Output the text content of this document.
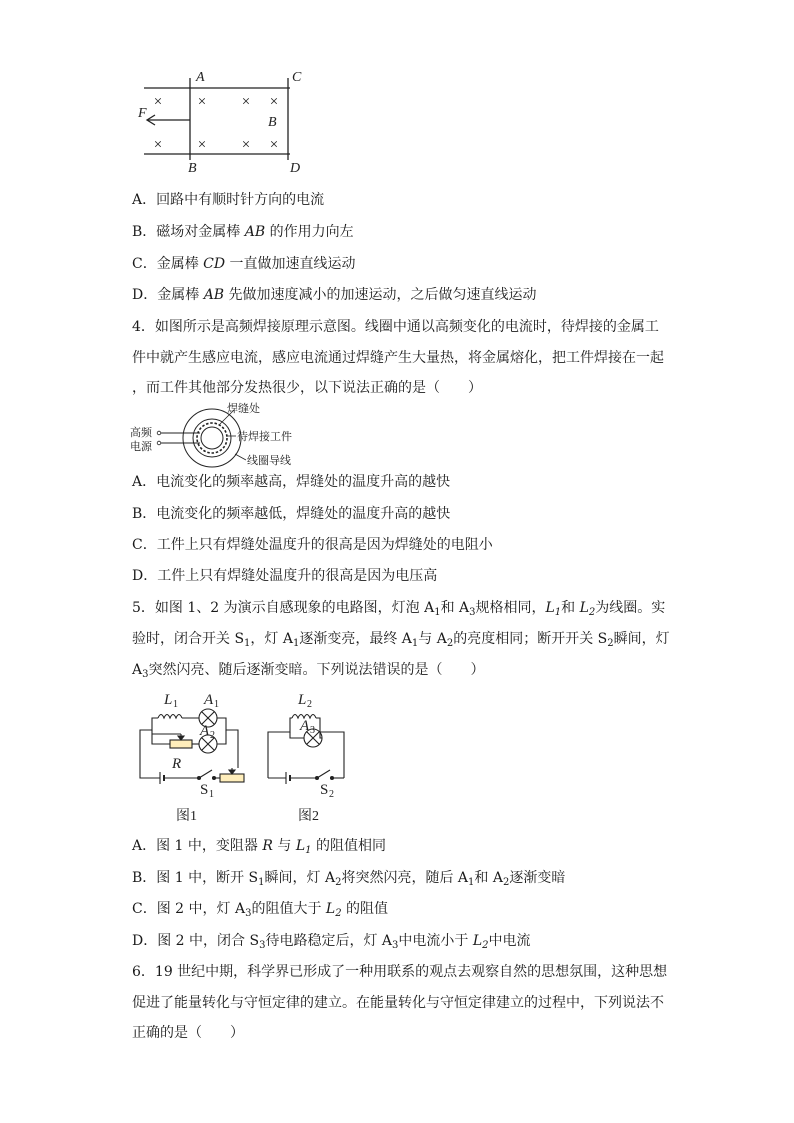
× × × ×
× × × ×
A	C
B
F
B	D
A．回路中有顺时针方向的电流
B．磁场对金属棒 AB 的作用力向左
C．金属棒 CD 一直做加速直线运动
D．金属棒 AB 先做加速度减小的加速运动，之后做匀速直线运动
4．如图所示是高频焊接原理示意图。线圈中通以高频变化的电流时，待焊接的金属工
件中就产生感应电流，感应电流通过焊缝产生大量热，将金属熔化，把工件焊接在一起
，而工件其他部分发热很少，以下说法正确的是（　　）
高频
电源
焊缝处
待焊接工件
线圈导线
A．电流变化的频率越高，焊缝处的温度升高的越快
B．电流变化的频率越低，焊缝处的温度升高的越快
C．工件上只有焊缝处温度升的很高是因为焊缝处的电阻小
D．工件上只有焊缝处温度升的很高是因为电压高
5．如图 1、2 为演示自感现象的电路图，灯泡 $A_1$和 $A_3$规格相同，$L_1$和 $L_2$为线圈。实
验时，闭合开关 $S_1$，灯 $A_1$逐渐变亮，最终 $A_1$与 $A_2$的亮度相同；断开开关 $S_2$瞬间，灯
$A_3$突然闪亮、随后逐渐变暗。下列说法错误的是（　　）
L 1 A 1
A 2
R
S 1
图1
L 2
A 3
S 2
图2
A．图 1 中，变阻器 R 与 $L_1$ 的阻值相同
B．图 1 中，断开 $S_1$瞬间，灯 $A_2$将突然闪亮，随后 $A_1$和 $A_2$逐渐变暗
C．图 2 中，灯 $A_3$的阻值大于 $L_2$ 的阻值
D．图 2 中，闭合 $S_3$待电路稳定后，灯 $A_3$中电流小于 $L_2$中电流
6．19 世纪中期，科学界已形成了一种用联系的观点去观察自然的思想氛围，这种思想
促进了能量转化与守恒定律的建立。在能量转化与守恒定律建立的过程中，下列说法不
正确的是（　　）
